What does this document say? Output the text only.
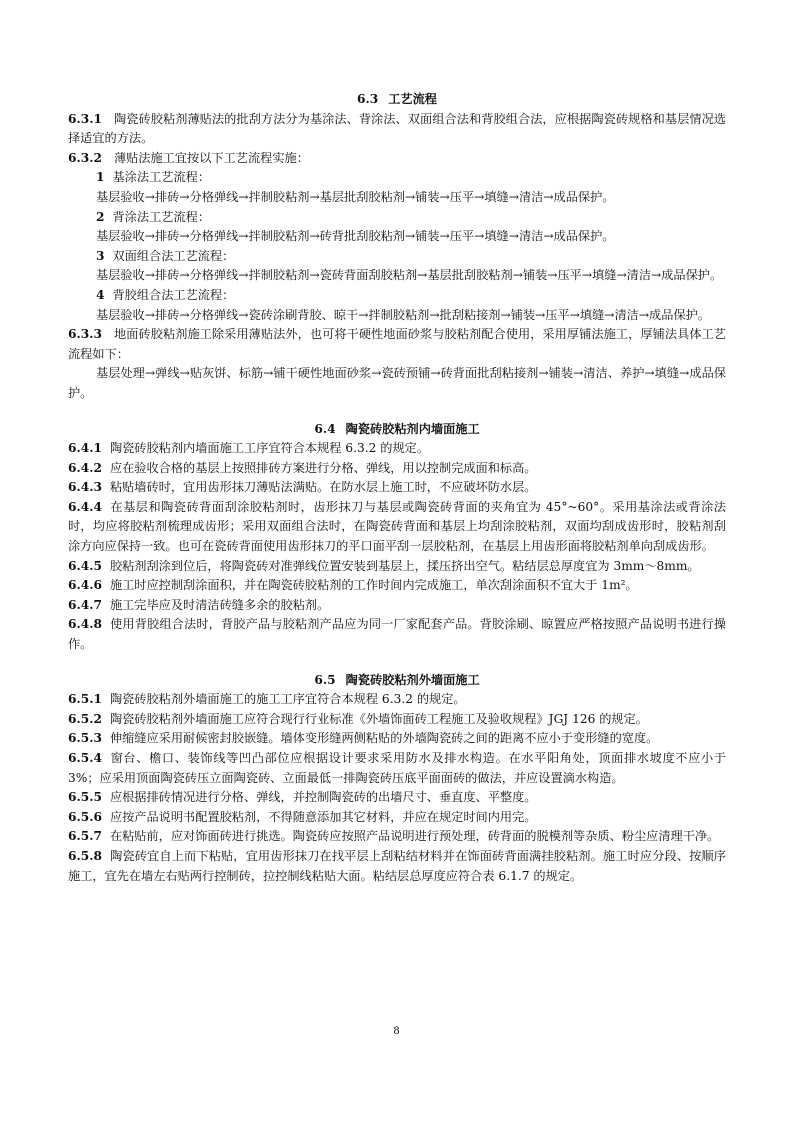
6.3 工艺流程

6.3.1 陶瓷砖胶粘剂薄贴法的批刮方法分为基涂法、背涂法、双面组合法和背胶组合法，应根据陶瓷砖规格和基层情况选择适宜的方法。

6.3.2 薄贴法施工宜按以下工艺流程实施：

1 基涂法工艺流程：

基层验收→排砖→分格弹线→拌制胶粘剂→基层批刮胶粘剂→铺装→压平→填缝→清洁→成品保护。

2 背涂法工艺流程：

基层验收→排砖→分格弹线→拌制胶粘剂→砖背批刮胶粘剂→铺装→压平→填缝→清洁→成品保护。

3 双面组合法工艺流程：

基层验收→排砖→分格弹线→拌制胶粘剂→瓷砖背面刮胶粘剂→基层批刮胶粘剂→铺装→压平→填缝→清洁→成品保护。

4 背胶组合法工艺流程：

基层验收→排砖→分格弹线→瓷砖涂刷背胶、晾干→拌制胶粘剂→批刮粘接剂→铺装→压平→填缝→清洁→成品保护。

6.3.3 地面砖胶粘剂施工除采用薄贴法外，也可将干硬性地面砂浆与胶粘剂配合使用，采用厚铺法施工，厚铺法具体工艺流程如下：

基层处理→弹线→贴灰饼、标筋→铺干硬性地面砂浆→瓷砖预铺→砖背面批刮粘接剂→铺装→清洁、养护→填缝→成品保护。

6.4 陶瓷砖胶粘剂内墙面施工

6.4.1 陶瓷砖胶粘剂内墙面施工工序宜符合本规程 6.3.2 的规定。

6.4.2 应在验收合格的基层上按照排砖方案进行分格、弹线，用以控制完成面和标高。

6.4.3 粘贴墙砖时，宜用齿形抹刀薄贴法满贴。在防水层上施工时，不应破坏防水层。

6.4.4 在基层和陶瓷砖背面刮涂胶粘剂时，齿形抹刀与基层或陶瓷砖背面的夹角宜为 45°~60°。采用基涂法或背涂法时，均应将胶粘剂梳理成齿形；采用双面组合法时，在陶瓷砖背面和基层上均刮涂胶粘剂，双面均刮成齿形时，胶粘剂刮涂方向应保持一致。也可在瓷砖背面使用齿形抹刀的平口面平刮一层胶粘剂，在基层上用齿形面将胶粘剂单向刮成齿形。

6.4.5 胶粘剂刮涂到位后，将陶瓷砖对准弹线位置安装到基层上，揉压挤出空气。粘结层总厚度宜为 3mm～8mm。

6.4.6 施工时应控制刮涂面积，并在陶瓷砖胶粘剂的工作时间内完成施工，单次刮涂面积不宜大于 1m²。

6.4.7 施工完毕应及时清洁砖缝多余的胶粘剂。

6.4.8 使用背胶组合法时，背胶产品与胶粘剂产品应为同一厂家配套产品。背胶涂刷、晾置应严格按照产品说明书进行操作。

6.5 陶瓷砖胶粘剂外墙面施工

6.5.1 陶瓷砖胶粘剂外墙面施工的施工工序宜符合本规程 6.3.2 的规定。

6.5.2 陶瓷砖胶粘剂外墙面施工应符合现行行业标准《外墙饰面砖工程施工及验收规程》JGJ 126 的规定。

6.5.3 伸缩缝应采用耐候密封胶嵌缝。墙体变形缝两侧粘贴的外墙陶瓷砖之间的距离不应小于变形缝的宽度。

6.5.4 窗台、檐口、装饰线等凹凸部位应根据设计要求采用防水及排水构造。在水平阳角处，顶面排水坡度不应小于 3%；应采用顶面陶瓷砖压立面陶瓷砖、立面最低一排陶瓷砖压底平面面砖的做法，并应设置滴水构造。

6.5.5 应根据排砖情况进行分格、弹线，并控制陶瓷砖的出墙尺寸、垂直度、平整度。

6.5.6 应按产品说明书配置胶粘剂，不得随意添加其它材料，并应在规定时间内用完。

6.5.7 在粘贴前，应对饰面砖进行挑选。陶瓷砖应按照产品说明进行预处理，砖背面的脱模剂等杂质、粉尘应清理干净。

6.5.8 陶瓷砖宜自上而下粘贴，宜用齿形抹刀在找平层上刮粘结材料并在饰面砖背面满挂胶粘剂。施工时应分段、按顺序施工，宜先在墙左右贴两行控制砖，拉控制线粘贴大面。粘结层总厚度应符合表 6.1.7 的规定。

8
